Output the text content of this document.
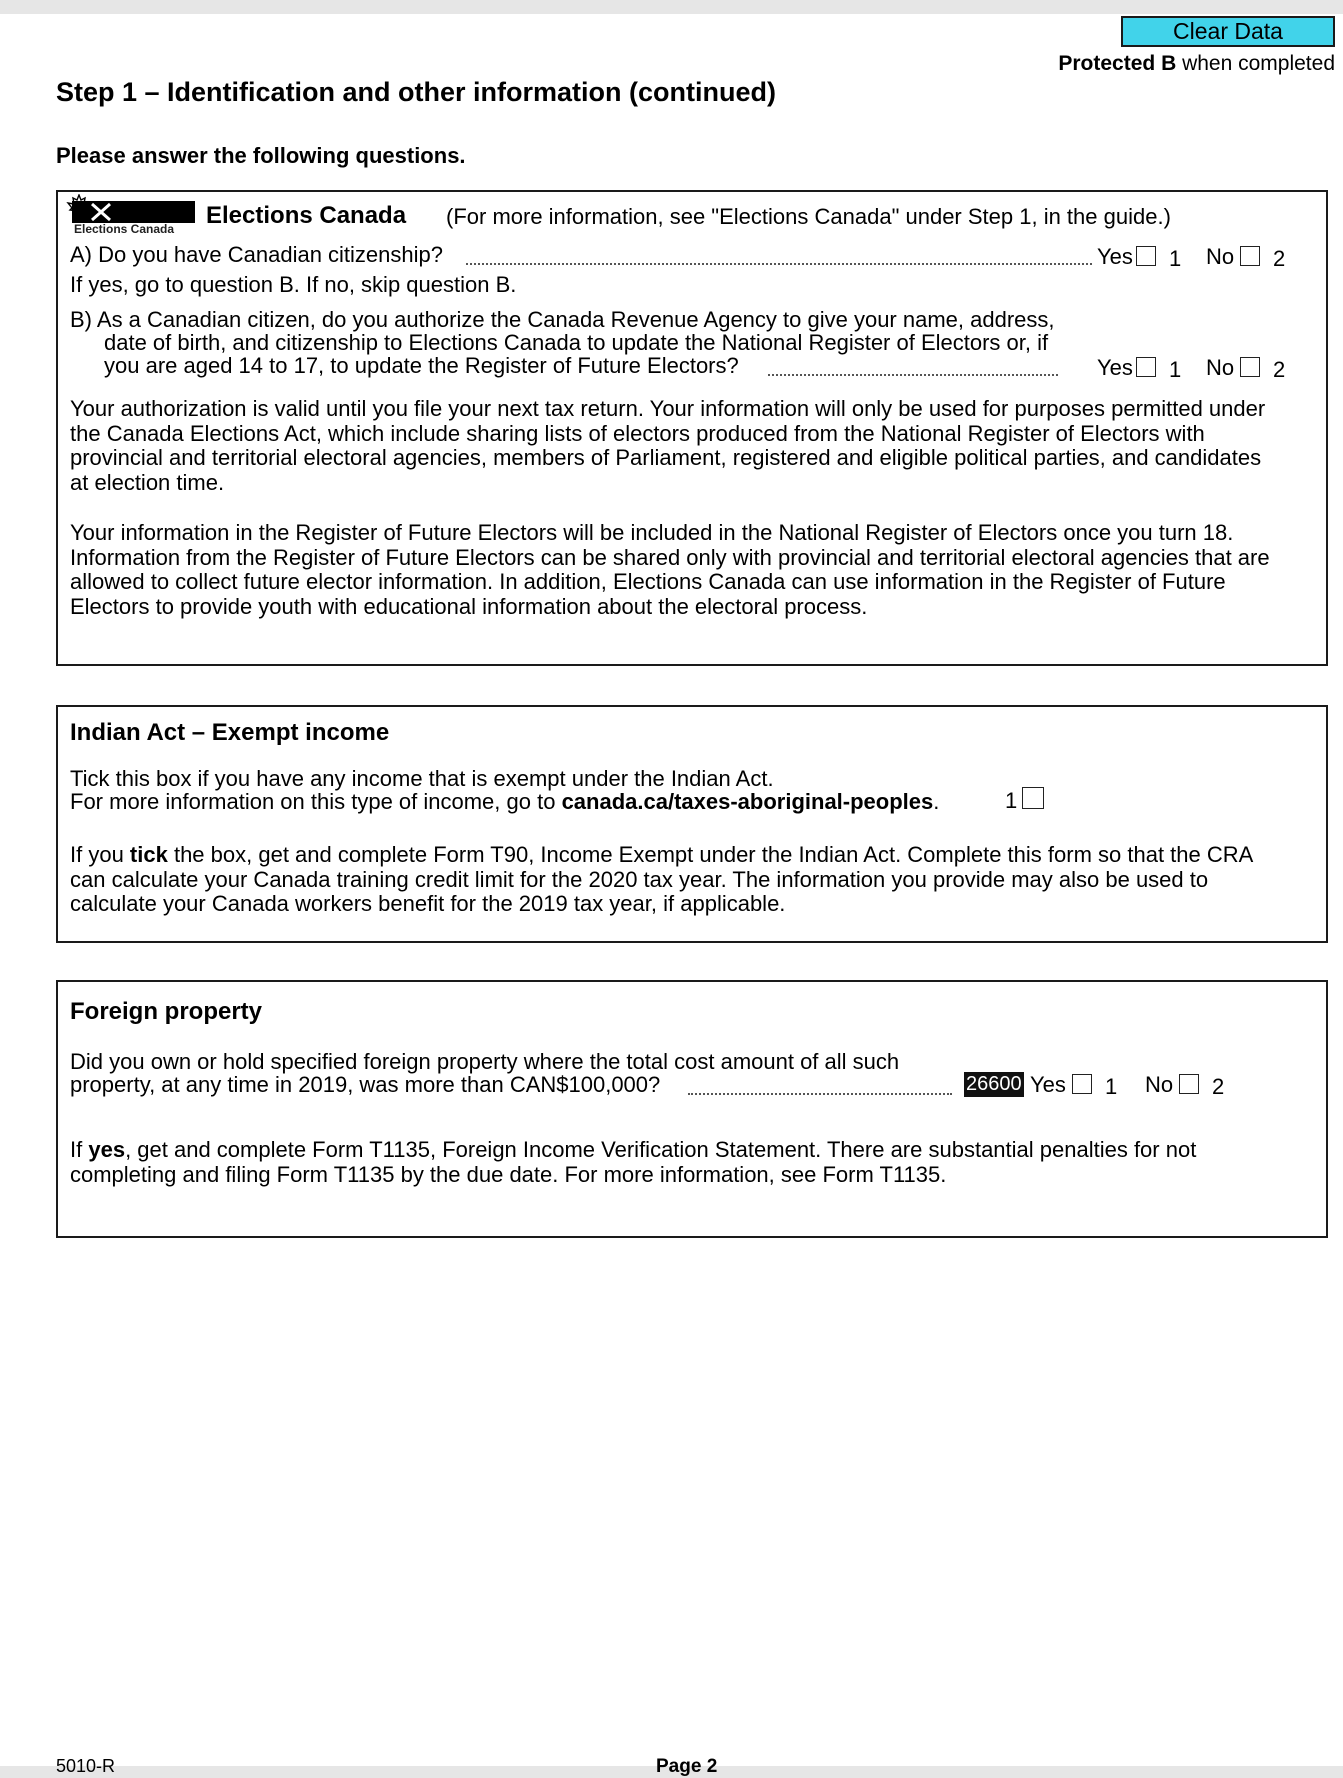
Clear Data
Protected B when completed
Step 1 – Identification and other information (continued)
Please answer the following questions.
Elections Canada Elections Canada (For more information, see "Elections Canada" under Step 1, in the guide.)
A) Do you have Canadian citizenship?	Yes 1 No 2
If yes, go to question B. If no, skip question B.
B) As a Canadian citizen, do you authorize the Canada Revenue Agency to give your name, address,
date of birth, and citizenship to Elections Canada to update the National Register of Electors or, if
you are aged 14 to 17, to update the Register of Future Electors?	Yes 1 No 2
Your authorization is valid until you file your next tax return. Your information will only be used for purposes permitted under
the Canada Elections Act, which include sharing lists of electors produced from the National Register of Electors with
provincial and territorial electoral agencies, members of Parliament, registered and eligible political parties, and candidates
at election time.
Your information in the Register of Future Electors will be included in the National Register of Electors once you turn 18.
Information from the Register of Future Electors can be shared only with provincial and territorial electoral agencies that are
allowed to collect future elector information. In addition, Elections Canada can use information in the Register of Future
Electors to provide youth with educational information about the electoral process.
Indian Act – Exempt income
Tick this box if you have any income that is exempt under the Indian Act.
For more information on this type of income, go to canada.ca/taxes-aboriginal-peoples.	1
If you tick the box, get and complete Form T90, Income Exempt under the Indian Act. Complete this form so that the CRA
can calculate your Canada training credit limit for the 2020 tax year. The information you provide may also be used to
calculate your Canada workers benefit for the 2019 tax year, if applicable.
Foreign property
Did you own or hold specified foreign property where the total cost amount of all such
property, at any time in 2019, was more than CAN$100,000?	26600 Yes 1 No 2
If yes, get and complete Form T1135, Foreign Income Verification Statement. There are substantial penalties for not
completing and filing Form T1135 by the due date. For more information, see Form T1135.
5010-R	Page 2
